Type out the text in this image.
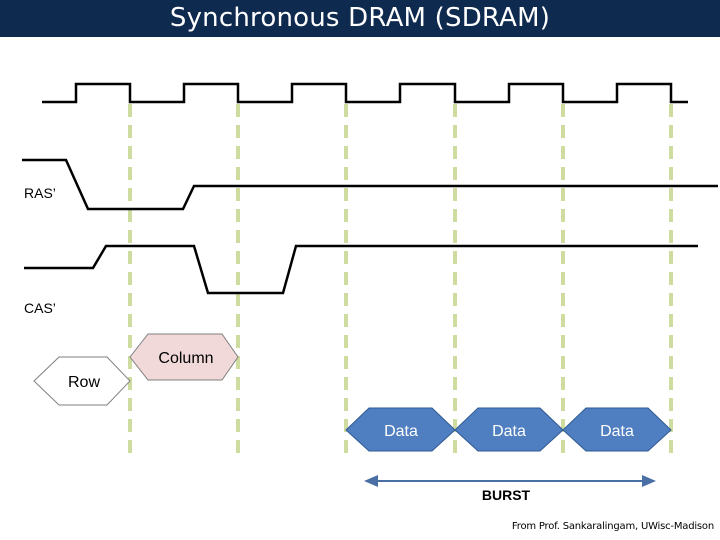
Synchronous DRAM (SDRAM)
Row
Column
Data	Data	Data
BURST
RAS’
CAS’
From Prof. Sankaralingam, UWisc-Madison
